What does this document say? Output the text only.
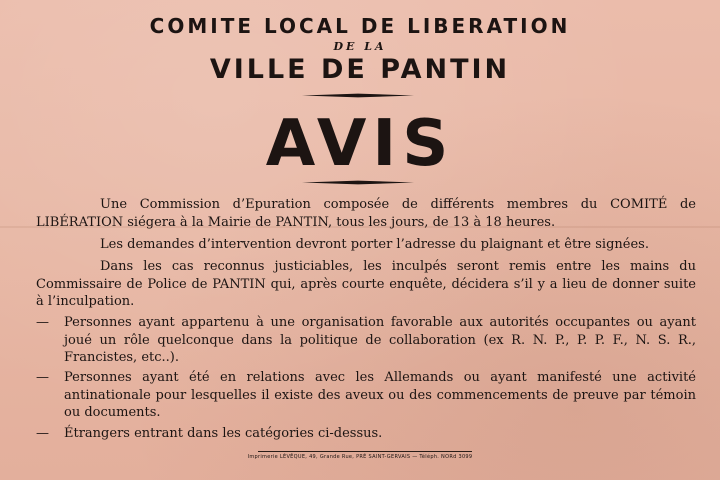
COMITE LOCAL DE LIBERATION
DE LA
VILLE DE PANTIN
AVIS
Une Commission d’Epuration composée de différents membres du COMITÉ de LIBÉRATION siégera à la Mairie de PANTIN, tous les jours, de 13 à 18 heures.
Les demandes d’intervention devront porter l’adresse du plaignant et être signées.
Dans les cas reconnus justiciables, les inculpés seront remis entre les mains du Commissaire de Police de PANTIN qui, après courte enquête, décidera s’il y a lieu de donner suite à l’inculpation.
—	Personnes ayant appartenu à une organisation favorable aux autorités occupantes ou ayant joué un rôle quelconque dans la politique de collaboration (ex R. N. P., P. P. F., N. S. R., Francistes, etc..).
—	Personnes ayant été en relations avec les Allemands ou ayant manifesté une activité antinationale pour lesquelles il existe des aveux ou des commencements de preuve par témoin ou documents.
—	Étrangers entrant dans les catégories ci-dessus.
Imprimerie LÉVÊQUE, 49, Grande Rue, PRÉ SAINT-GERVAIS — Téléph. NORd 3099
